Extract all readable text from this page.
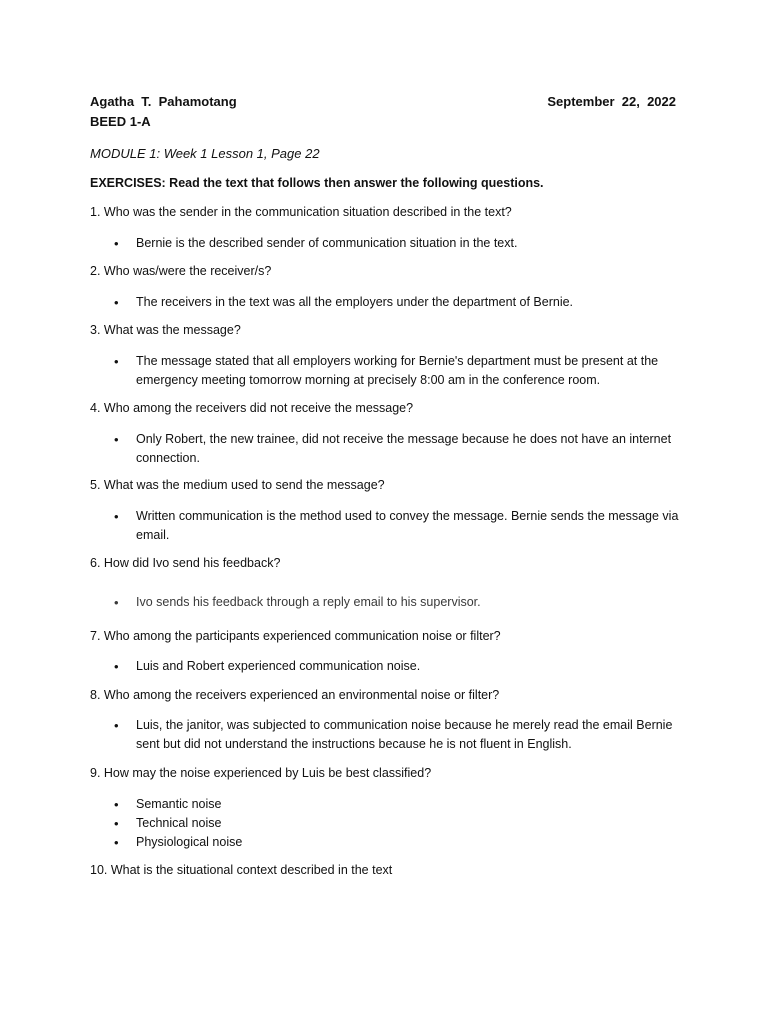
Agatha  T.  Pahamotang	September  22,  2022
BEED 1-A
MODULE 1: Week 1 Lesson 1, Page 22
EXERCISES: Read the text that follows then answer the following questions.
1. Who was the sender in the communication situation described in the text?
• Bernie is the described sender of communication situation in the text.
2. Who was/were the receiver/s?
• The receivers in the text was all the employers under the department of Bernie.
3. What was the message?
• The message stated that all employers working for Bernie's department must be present at the emergency meeting tomorrow morning at precisely 8:00 am in the conference room.
4. Who among the receivers did not receive the message?
• Only Robert, the new trainee, did not receive the message because he does not have an internet connection.
5. What was the medium used to send the message?
• Written communication is the method used to convey the message. Bernie sends the message via email.
6. How did Ivo send his feedback?
• Ivo sends his feedback through a reply email to his supervisor.
7. Who among the participants experienced communication noise or filter?
• Luis and Robert experienced communication noise.
8. Who among the receivers experienced an environmental noise or filter?
• Luis, the janitor, was subjected to communication noise because he merely read the email Bernie sent but did not understand the instructions because he is not fluent in English.
9. How may the noise experienced by Luis be best classified?
• Semantic noise
• Technical noise
• Physiological noise
10. What is the situational context described in the text
